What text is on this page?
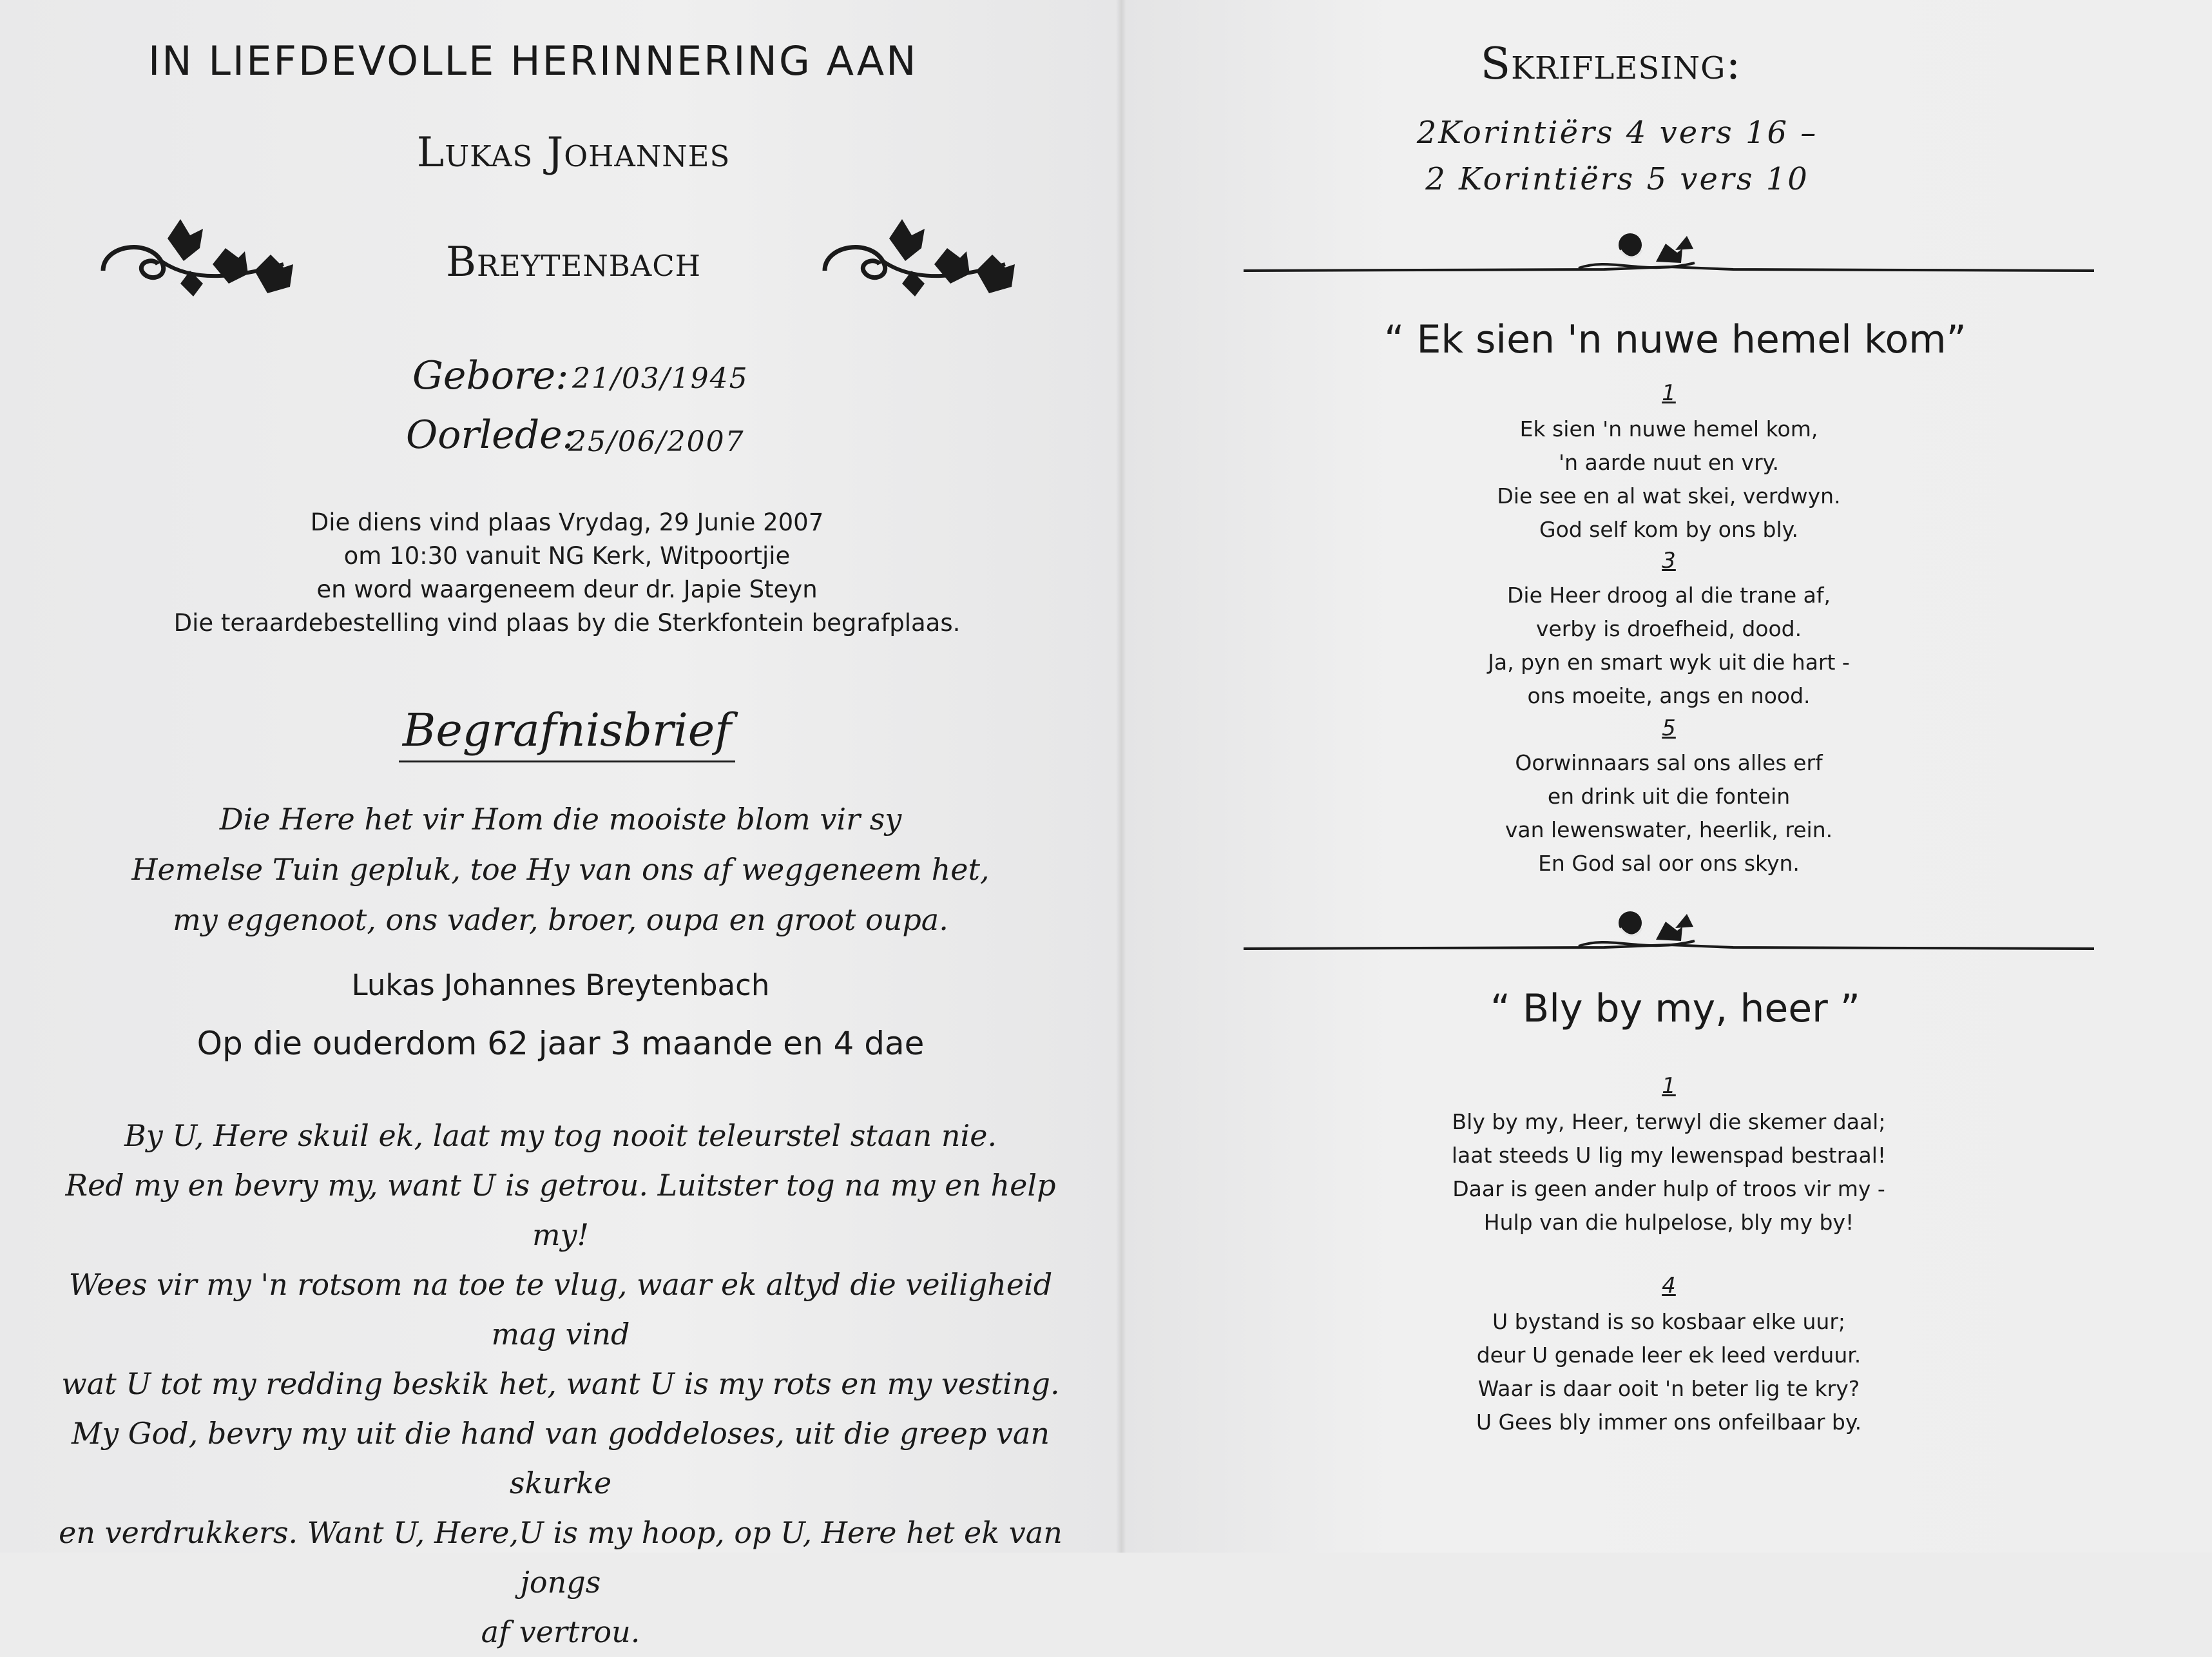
IN LIEFDEVOLLE HERINNERING AAN
Lukas Johannes
Breytenbach
Gebore: 21/03/1945
Oorlede:
25/06/2007
Die diens vind plaas Vrydag, 29 Junie 2007
om 10:30 vanuit NG Kerk, Witpoortjie
en word waargeneem deur dr. Japie Steyn
Die teraardebestelling vind plaas by die Sterkfontein begrafplaas.
Begrafnisbrief
Die Here het vir Hom die mooiste blom vir sy
Hemelse Tuin gepluk, toe Hy van ons af weggeneem het,
my eggenoot, ons vader, broer, oupa en groot oupa.
Lukas Johannes Breytenbach
Op die ouderdom 62 jaar 3 maande en 4 dae
By U, Here skuil ek, laat my tog nooit teleurstel staan nie.
Red my en bevry my, want U is getrou. Luitster tog na my en help my!
Wees vir my 'n rotsom na toe te vlug, waar ek altyd die veiligheid mag vind
wat U tot my redding beskik het, want U is my rots en my vesting.
My God, bevry my uit die hand van goddeloses, uit die greep van skurke
en verdrukkers. Want U, Here,U is my hoop, op U, Here het ek van jongs
af vertrou.
Skriflesing:
2Korintiërs 4 vers 16 –
2 Korintiërs 5 vers 10
“ Ek sien 'n nuwe hemel kom”
1
Ek sien 'n nuwe hemel kom,
'n aarde nuut en vry.
Die see en al wat skei, verdwyn.
God self kom by ons bly.
3
Die Heer droog al die trane af,
verby is droefheid, dood.
Ja, pyn en smart wyk uit die hart -
ons moeite, angs en nood.
5
Oorwinnaars sal ons alles erf
en drink uit die fontein
van lewenswater, heerlik, rein.
En God sal oor ons skyn.
“ Bly by my, heer ”
1
Bly by my, Heer, terwyl die skemer daal;
laat steeds U lig my lewenspad bestraal!
Daar is geen ander hulp of troos vir my -
Hulp van die hulpelose, bly my by!
4
U bystand is so kosbaar elke uur;
deur U genade leer ek leed verduur.
Waar is daar ooit 'n beter lig te kry?
U Gees bly immer ons onfeilbaar by.
